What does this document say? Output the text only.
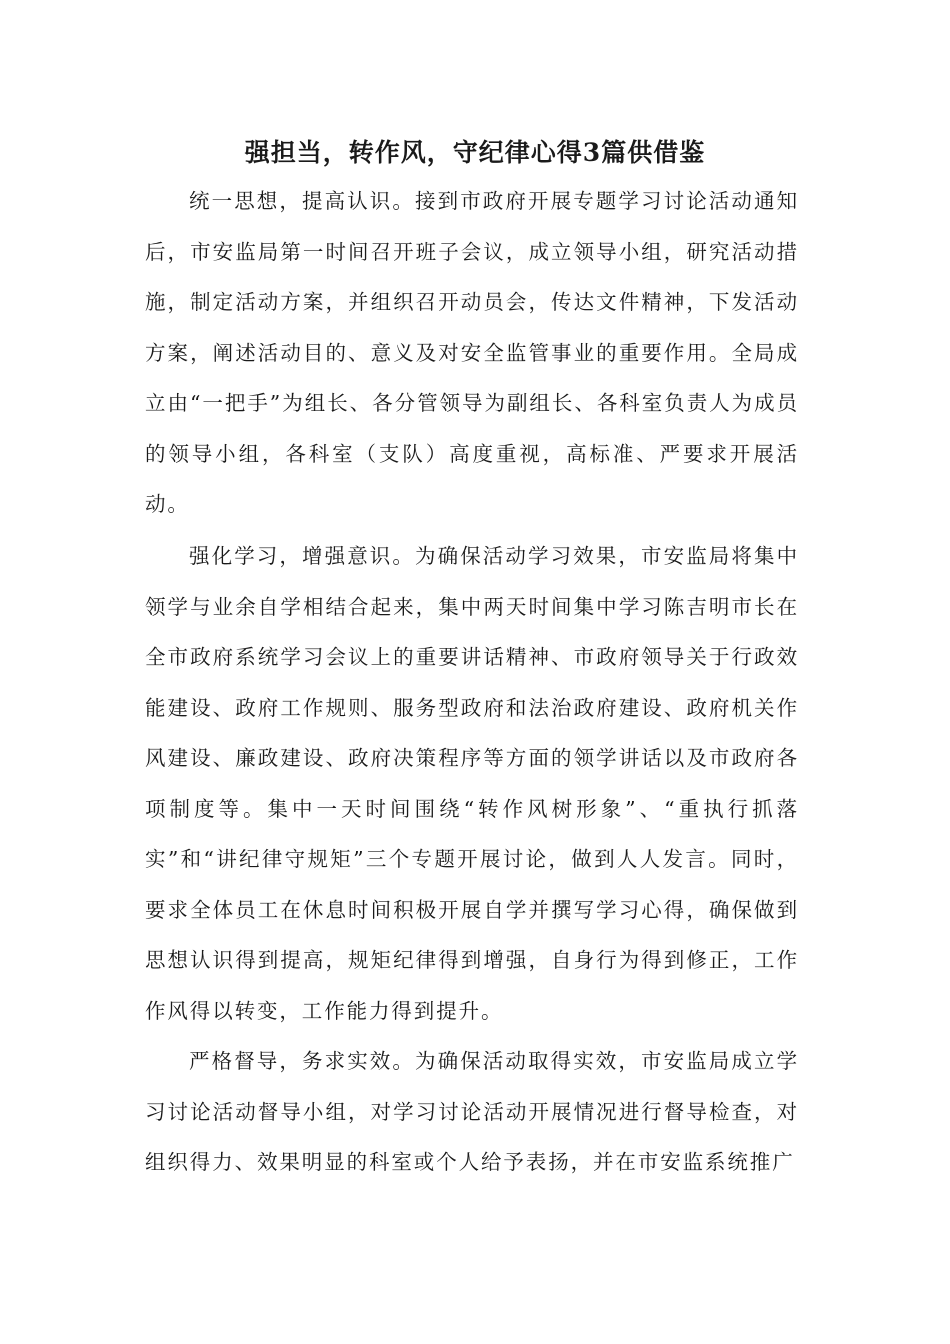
强担当，转作风，守纪律心得3篇供借鉴

统一思想，提高认识。接到市政府开展专题学习讨论活动通知后，市安监局第一时间召开班子会议，成立领导小组，研究活动措施，制定活动方案，并组织召开动员会，传达文件精神，下发活动方案，阐述活动目的、意义及对安全监管事业的重要作用。全局成立由“一把手”为组长、各分管领导为副组长、各科室负责人为成员的领导小组，各科室（支队）高度重视，高标准、严要求开展活动。

强化学习，增强意识。为确保活动学习效果，市安监局将集中领学与业余自学相结合起来，集中两天时间集中学习陈吉明市长在全市政府系统学习会议上的重要讲话精神、市政府领导关于行政效能建设、政府工作规则、服务型政府和法治政府建设、政府机关作风建设、廉政建设、政府决策程序等方面的领学讲话以及市政府各项制度等。集中一天时间围绕“转作风树形象”、“重执行抓落实”和“讲纪律守规矩”三个专题开展讨论，做到人人发言。同时，要求全体员工在休息时间积极开展自学并撰写学习心得，确保做到思想认识得到提高，规矩纪律得到增强，自身行为得到修正，工作作风得以转变，工作能力得到提升。

严格督导，务求实效。为确保活动取得实效，市安监局成立学习讨论活动督导小组，对学习讨论活动开展情况进行督导检查，对组织得力、效果明显的科室或个人给予表扬，并在市安监系统推广
